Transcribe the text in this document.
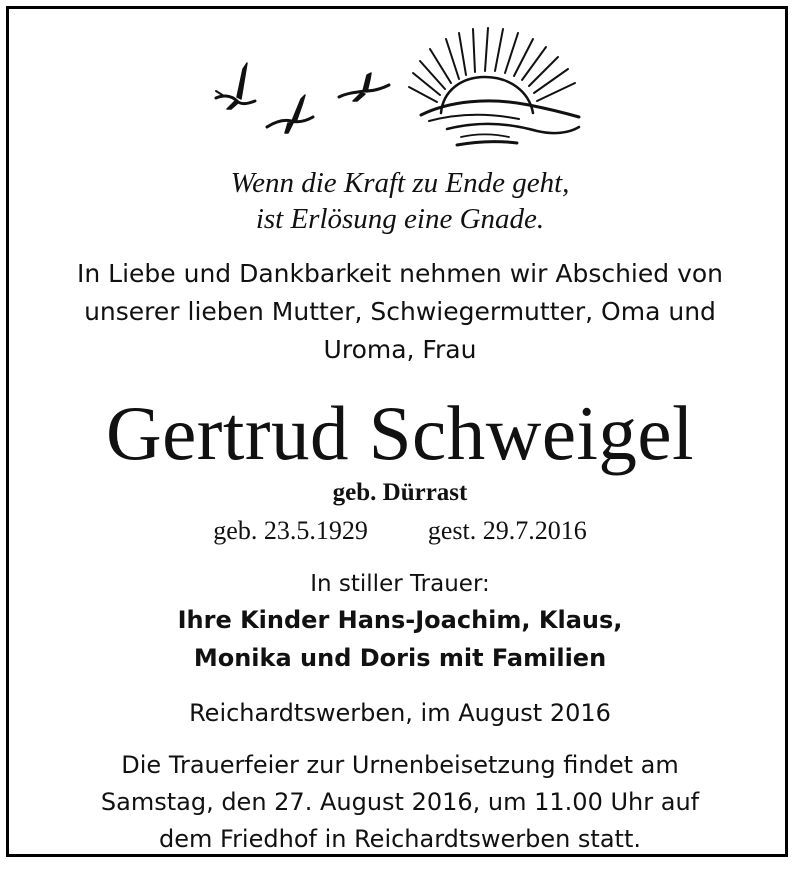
Wenn die Kraft zu Ende geht,

ist Erlösung eine Gnade.

In Liebe und Dankbarkeit nehmen wir Abschied von

unserer lieben Mutter, Schwiegermutter, Oma und

Uroma, Frau

Gertrud Schweigel

geb. Dürrast

geb. 23.5.1929 gest. 29.7.2016

In stiller Trauer:

Ihre Kinder Hans-Joachim, Klaus,

Monika und Doris mit Familien

Reichardtswerben, im August 2016

Die Trauerfeier zur Urnenbeisetzung findet am

Samstag, den 27. August 2016, um 11.00 Uhr auf

dem Friedhof in Reichardtswerben statt.
